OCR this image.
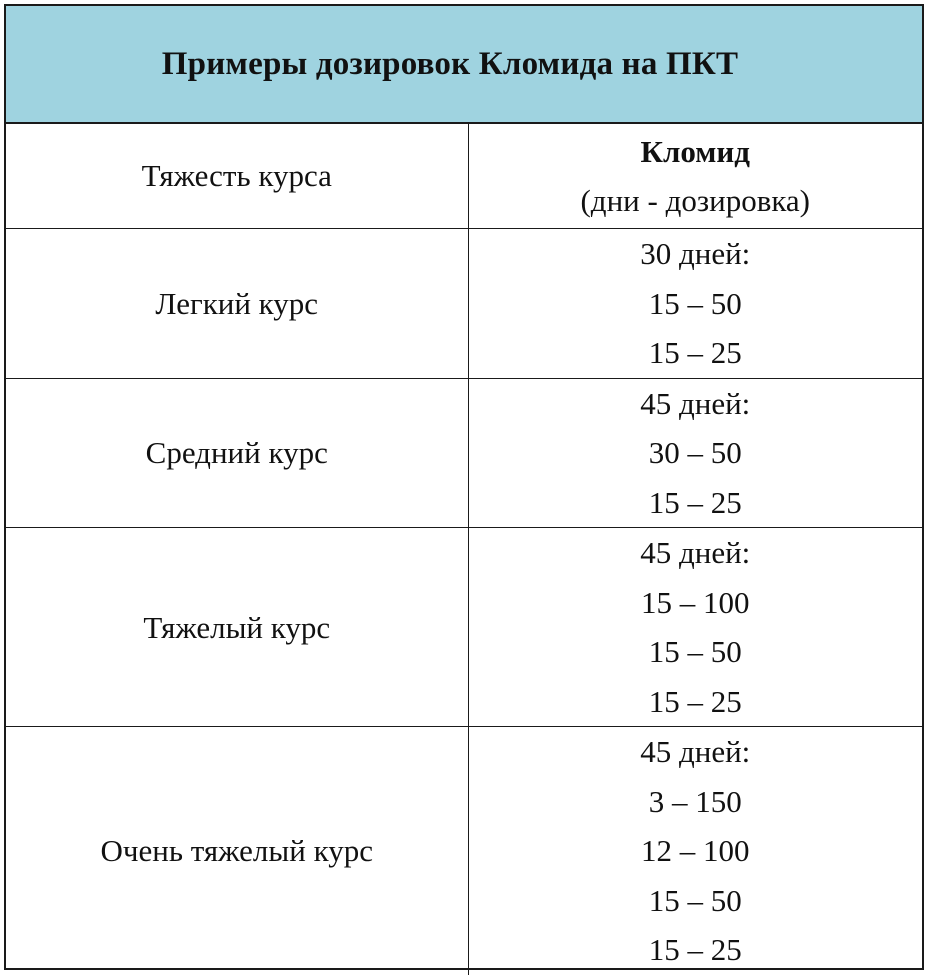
Примеры дозировок Кломида на ПКТ
Тяжесть курса	Кломид
(дни - дозировка)

Легкий курс	30 дней:
15 – 50
15 – 25

Средний курс	45 дней:
30 – 50
15 – 25

Тяжелый курс	45 дней:
15 – 100
15 – 50
15 – 25

Очень тяжелый курс	45 дней:
3 – 150
12 – 100
15 – 50
15 – 25
